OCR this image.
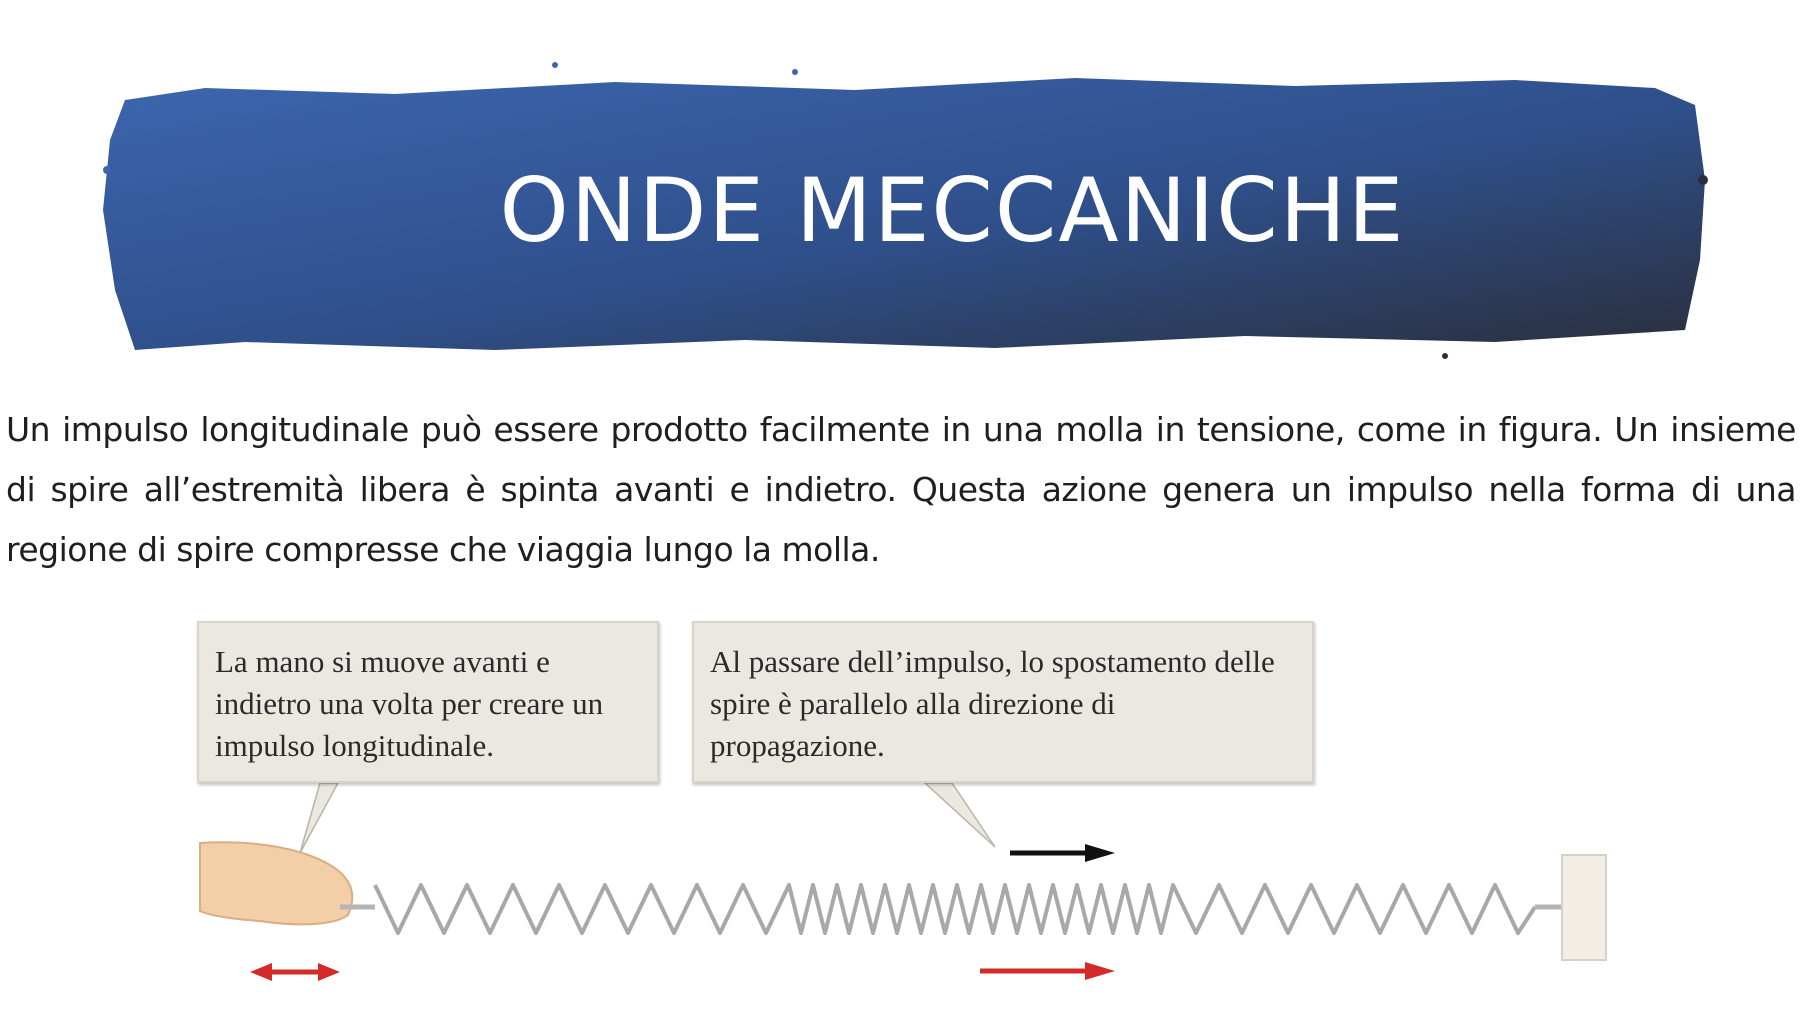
ONDE MECCANICHE
Un impulso longitudinale può essere prodotto facilmente in una molla in tensione, come in figura. Un insieme di spire all’estremità libera è spinta avanti e indietro. Questa azione genera un impulso nella forma di una regione di spire compresse che viaggia lungo la molla.
La mano si muove avanti e indietro una volta per creare un impulso longitudinale.
Al passare dell’impulso, lo spostamento delle spire è parallelo alla direzione di propagazione.
